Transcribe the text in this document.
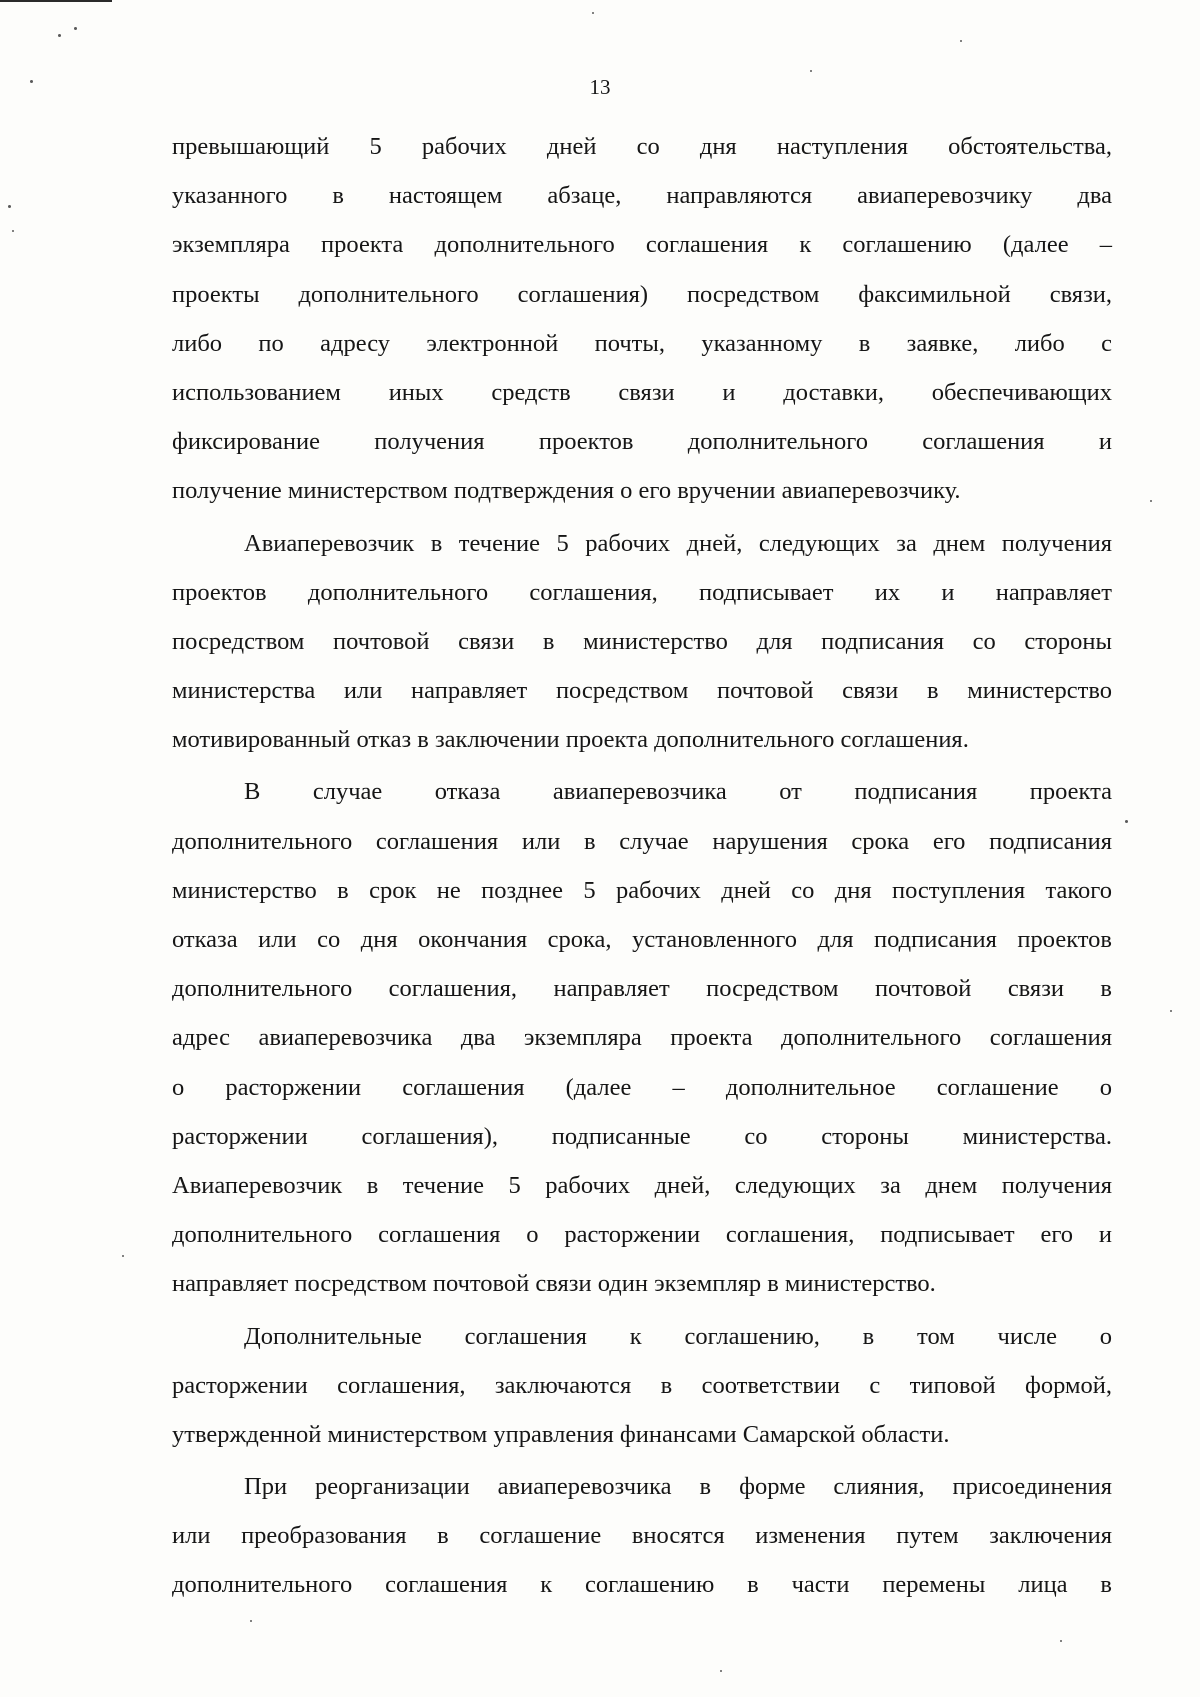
13
превышающий 5 рабочих дней со дня наступления обстоятельства,
указанного в настоящем абзаце, направляются авиаперевозчику два
экземпляра проекта дополнительного соглашения к соглашению (далее –
проекты дополнительного соглашения) посредством факсимильной связи,
либо по адресу электронной почты, указанному в заявке, либо с
использованием иных средств связи и доставки, обеспечивающих
фиксирование получения проектов дополнительного соглашения и
получение министерством подтверждения о его вручении авиаперевозчику.
Авиаперевозчик в течение 5 рабочих дней, следующих за днем получения
проектов дополнительного соглашения, подписывает их и направляет
посредством почтовой связи в министерство для подписания со стороны
министерства или направляет посредством почтовой связи в министерство
мотивированный отказ в заключении проекта дополнительного соглашения.
В случае отказа авиаперевозчика от подписания проекта
дополнительного соглашения или в случае нарушения срока его подписания
министерство в срок не позднее 5 рабочих дней со дня поступления такого
отказа или со дня окончания срока, установленного для подписания проектов
дополнительного соглашения, направляет посредством почтовой связи в
адрес авиаперевозчика два экземпляра проекта дополнительного соглашения
о расторжении соглашения (далее – дополнительное соглашение о
расторжении соглашения), подписанные со стороны министерства.
Авиаперевозчик в течение 5 рабочих дней, следующих за днем получения
дополнительного соглашения о расторжении соглашения, подписывает его и
направляет посредством почтовой связи один экземпляр в министерство.
Дополнительные соглашения к соглашению, в том числе о
расторжении соглашения, заключаются в соответствии с типовой формой,
утвержденной министерством управления финансами Самарской области.
При реорганизации авиаперевозчика в форме слияния, присоединения
или преобразования в соглашение вносятся изменения путем заключения
дополнительного соглашения к соглашению в части перемены лица в
